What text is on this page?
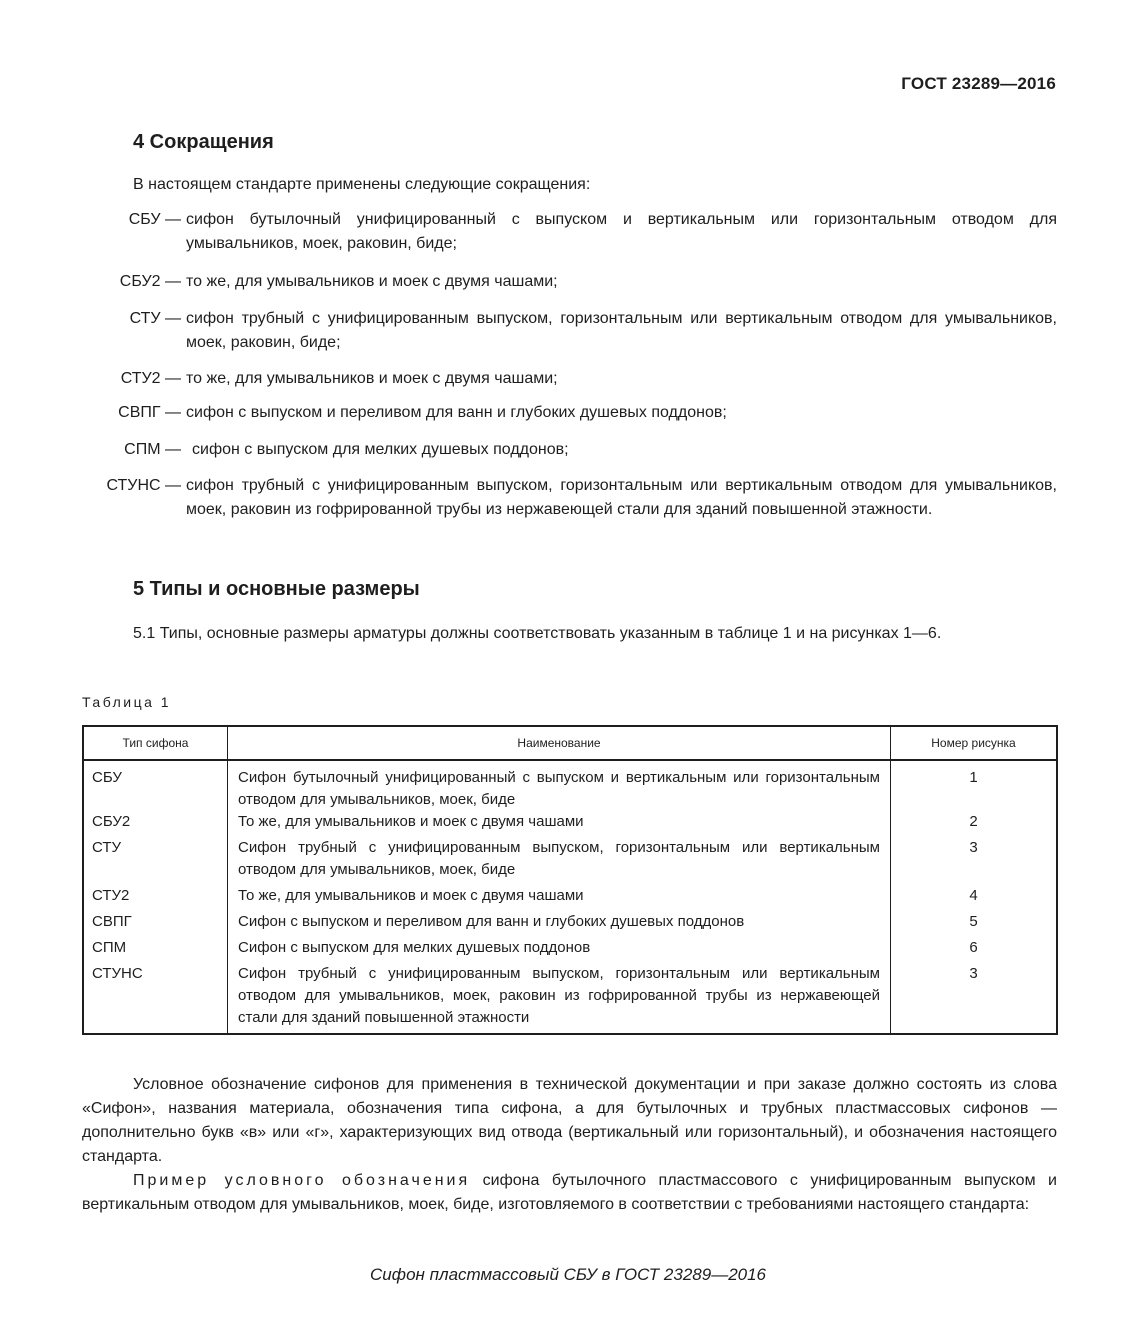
ГОСТ 23289—2016
4 Сокращения
В настоящем стандарте применены следующие сокращения:
СБУ — сифон бутылочный унифицированный с выпуском и вертикальным или горизонтальным отводом для умывальников, моек, раковин, биде;
СБУ2 — то же, для умывальников и моек с двумя чашами;
СТУ — сифон трубный с унифицированным выпуском, горизонтальным или вертикальным отводом для умывальников, моек, раковин, биде;
СТУ2 — то же, для умывальников и моек с двумя чашами;
СВПГ — сифон с выпуском и переливом для ванн и глубоких душевых поддонов;
СПМ — сифон с выпуском для мелких душевых поддонов;
СТУНС — сифон трубный с унифицированным выпуском, горизонтальным или вертикальным отводом для умывальников, моек, раковин из гофрированной трубы из нержавеющей стали для зданий повышенной этажности.
5 Типы и основные размеры
5.1 Типы, основные размеры арматуры должны соответствовать указанным в таблице 1 и на рисунках 1—6.
Таблица 1
Тип сифона	Наименование	Номер рисунка
СБУ	Сифон бутылочный унифицированный с выпуском и вертикальным или горизонтальным отводом для умывальников, моек, биде	1
СБУ2	То же, для умывальников и моек с двумя чашами	2
СТУ	Сифон трубный с унифицированным выпуском, горизонтальным или вертикальным отводом для умывальников, моек, биде	3
СТУ2	То же, для умывальников и моек с двумя чашами	4
СВПГ	Сифон с выпуском и переливом для ванн и глубоких душевых поддонов	5
СПМ	Сифон с выпуском для мелких душевых поддонов	6
СТУНС	Сифон трубный с унифицированным выпуском, горизонтальным или вертикальным отводом для умывальников, моек, раковин из гофрированной трубы из нержавеющей стали для зданий повышенной этажности	3
Условное обозначение сифонов для применения в технической документации и при заказе должно состоять из слова «Сифон», названия материала, обозначения типа сифона, а для бутылочных и трубных пластмассовых сифонов — дополнительно букв «в» или «г», характеризующих вид отвода (вертикальный или горизонтальный), и обозначения настоящего стандарта.
Пример условного обозначения сифона бутылочного пластмассового с унифицированным выпуском и вертикальным отводом для умывальников, моек, биде, изготовляемого в соответствии с требованиями настоящего стандарта:
Сифон пластмассовый СБУ в ГОСТ 23289—2016
